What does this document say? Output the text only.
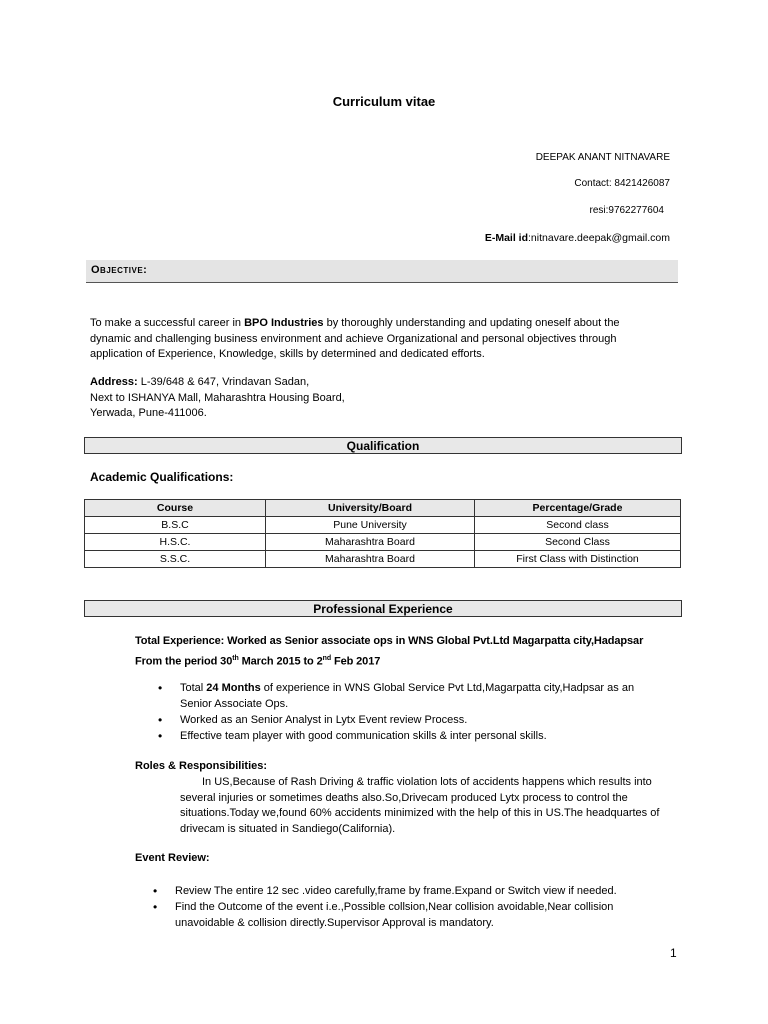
Curriculum vitae
DEEPAK ANANT NITNAVARE
Contact: 8421426087
resi:9762277604
E-Mail id:nitnavare.deepak@gmail.com
Objective:
To make a successful career in BPO Industries by thoroughly understanding and updating oneself about the dynamic and challenging business environment and achieve Organizational and personal objectives through application of Experience, Knowledge, skills by determined and dedicated efforts.
Address: L-39/648 & 647, Vrindavan Sadan,
Next to ISHANYA Mall, Maharashtra Housing Board,
Yerwada, Pune-411006.
Qualification
Academic Qualifications:
Course	University/Board	Percentage/Grade
B.S.C	Pune University	Second class
H.S.C.	Maharashtra Board	Second Class
S.S.C.	Maharashtra Board	First Class with Distinction
Professional Experience
Total Experience: Worked as Senior associate ops in WNS Global Pvt.Ltd Magarpatta city,Hadapsar
From the period 30th March 2015 to 2nd Feb 2017
• Total 24 Months of experience in WNS Global Service Pvt Ltd,Magarpatta city,Hadpsar as an Senior Associate Ops.
• Worked as an Senior Analyst in Lytx Event review Process.
• Effective team player with good communication skills & inter personal skills.
Roles & Responsibilities:
In US,Because of Rash Driving & traffic violation lots of accidents happens which results into several injuries or sometimes deaths also.So,Drivecam produced Lytx process to control the situations.Today we,found 60% accidents minimized with the help of this in US.The headquartes of drivecam is situated in Sandiego(California).
Event Review:
• Review The entire 12 sec .video carefully,frame by frame.Expand or Switch view if needed.
• Find the Outcome of the event i.e.,Possible collsion,Near collision avoidable,Near collision unavoidable & collision directly.Supervisor Approval is mandatory.
1
